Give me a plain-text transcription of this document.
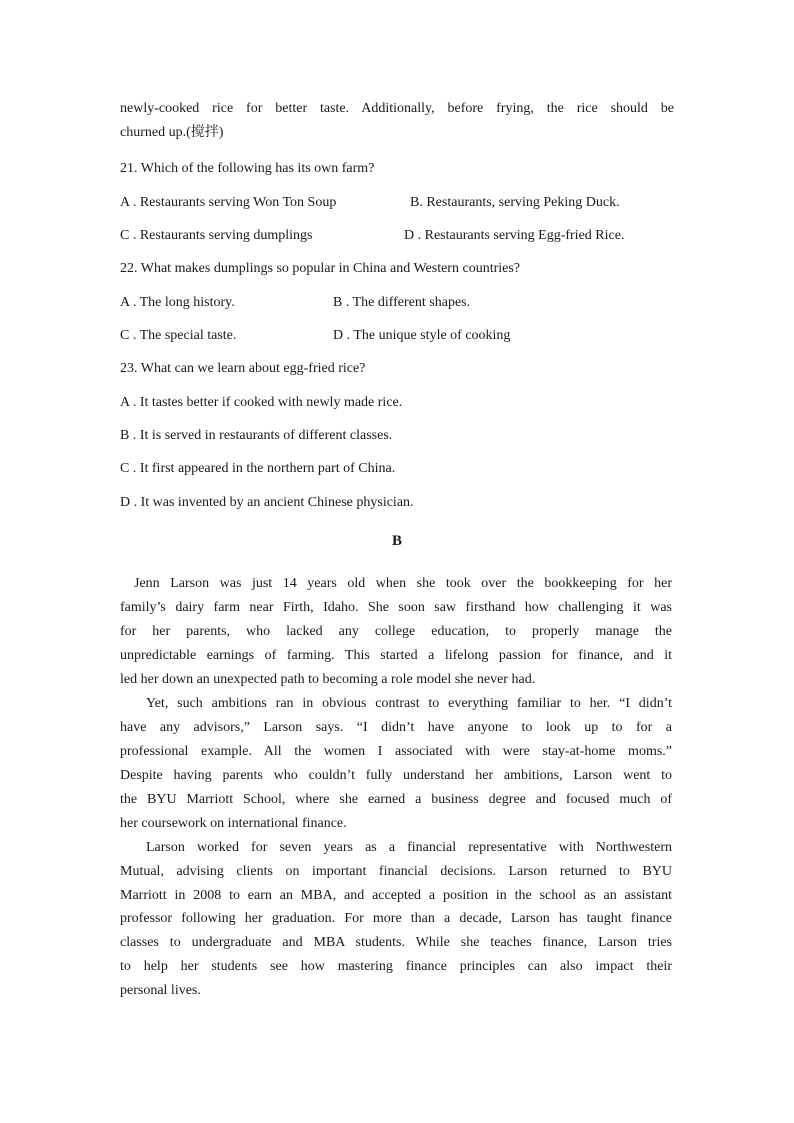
newly-cooked rice for better taste. Additionally, before frying, the rice should be
churned up.(搅拌)
21. Which of the following has its own farm?
A . Restaurants serving Won Ton Soup	B. Restaurants, serving Peking Duck.
C . Restaurants serving dumplings	D . Restaurants serving Egg-fried Rice.
22. What makes dumplings so popular in China and Western countries?
A . The long history.	B . The different shapes.
C . The special taste.	D . The unique style of cooking
23. What can we learn about egg-fried rice?
A . It tastes better if cooked with newly made rice.
B . It is served in restaurants of different classes.
C . It first appeared in the northern part of China.
D . It was invented by an ancient Chinese physician.
B
Jenn Larson was just 14 years old when she took over the bookkeeping for her
family’s dairy farm near Firth, Idaho. She soon saw firsthand how challenging it was
for her parents, who lacked any college education, to properly manage the
unpredictable earnings of farming. This started a lifelong passion for finance, and it
led her down an unexpected path to becoming a role model she never had.
Yet, such ambitions ran in obvious contrast to everything familiar to her. “I didn’t
have any advisors,” Larson says. “I didn’t have anyone to look up to for a
professional example. All the women I associated with were stay-at-home moms.”
Despite having parents who couldn’t fully understand her ambitions, Larson went to
the BYU Marriott School, where she earned a business degree and focused much of
her coursework on international finance.
Larson worked for seven years as a financial representative with Northwestern
Mutual, advising clients on important financial decisions. Larson returned to BYU
Marriott in 2008 to earn an MBA, and accepted a position in the school as an assistant
professor following her graduation. For more than a decade, Larson has taught finance
classes to undergraduate and MBA students. While she teaches finance, Larson tries
to help her students see how mastering finance principles can also impact their
personal lives.
